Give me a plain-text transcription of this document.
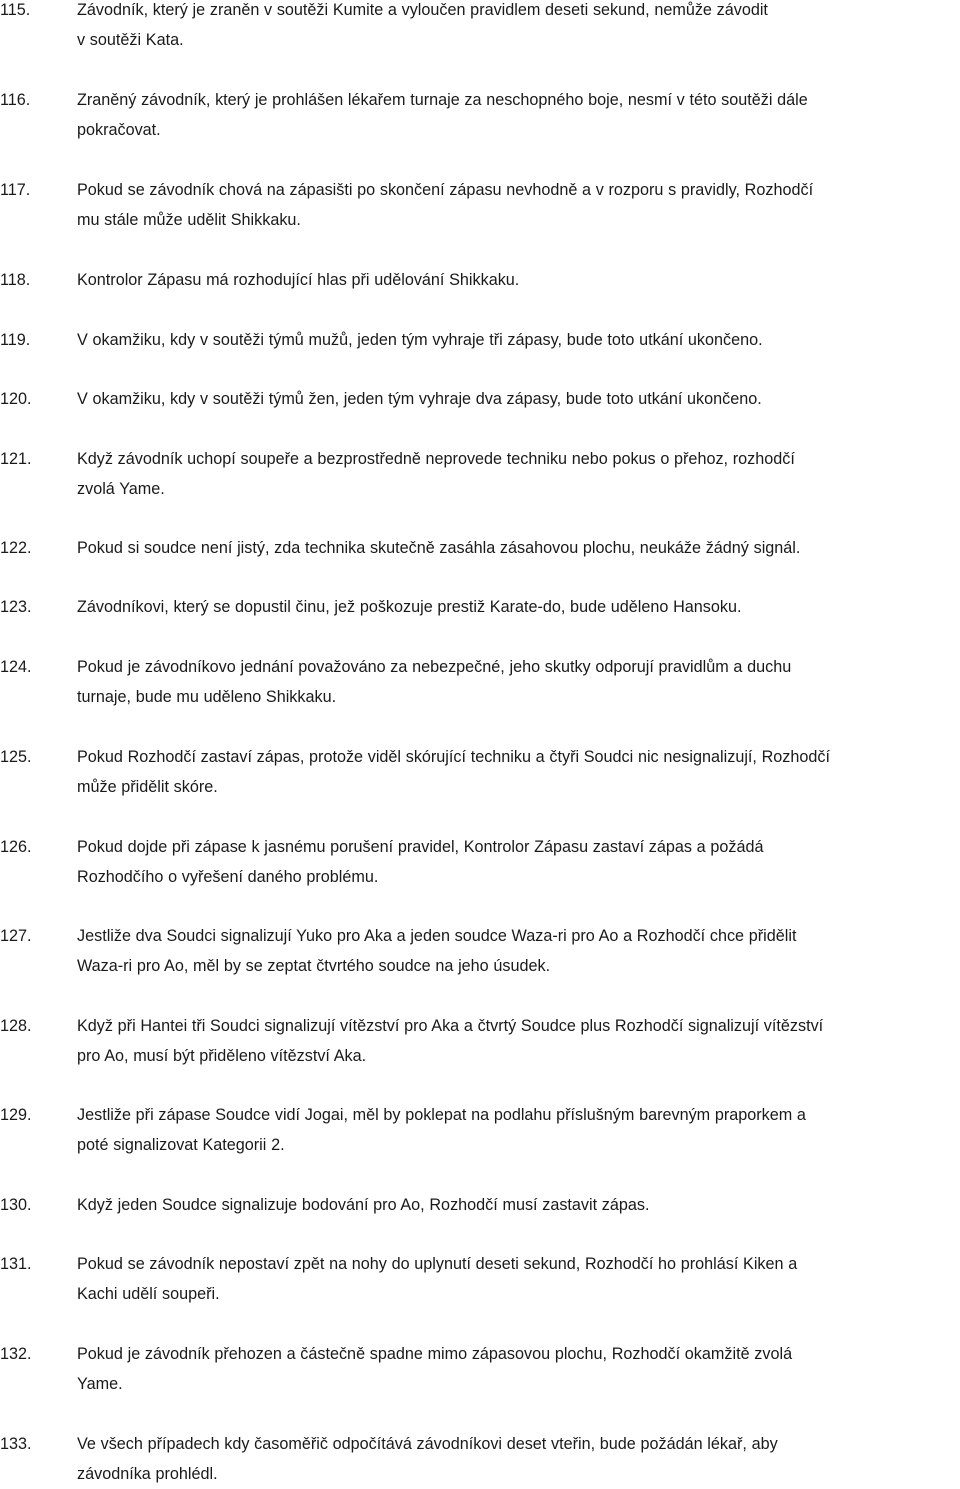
115.	Závodník, který je zraněn v soutěži Kumite a vyloučen pravidlem deseti sekund, nemůže závodit
v soutěži Kata.
116.	Zraněný závodník, který je prohlášen lékařem turnaje za neschopného boje, nesmí v této soutěži dále
pokračovat.
117.	Pokud se závodník chová na zápasišti po skončení zápasu nevhodně a v rozporu s pravidly, Rozhodčí
mu stále může udělit Shikkaku.
118.	Kontrolor Zápasu má rozhodující hlas při udělování Shikkaku.
119.	V okamžiku, kdy v soutěži týmů mužů, jeden tým vyhraje tři zápasy, bude toto utkání ukončeno.
120.	V okamžiku, kdy v soutěži týmů žen, jeden tým vyhraje dva zápasy, bude toto utkání ukončeno.
121.	Když závodník uchopí soupeře a bezprostředně neprovede techniku nebo pokus o přehoz, rozhodčí
zvolá Yame.
122.	Pokud si soudce není jistý, zda technika skutečně zasáhla zásahovou plochu, neukáže žádný signál.
123.	Závodníkovi, který se dopustil činu, jež poškozuje prestiž Karate-do, bude uděleno Hansoku.
124.	Pokud je závodníkovo jednání považováno za nebezpečné, jeho skutky odporují pravidlům a duchu
turnaje, bude mu uděleno Shikkaku.
125.	Pokud Rozhodčí zastaví zápas, protože viděl skórující techniku a čtyři Soudci nic nesignalizují, Rozhodčí
může přidělit skóre.
126.	Pokud dojde při zápase k jasnému porušení pravidel, Kontrolor Zápasu zastaví zápas a požádá
Rozhodčího o vyřešení daného problému.
127.	Jestliže dva Soudci signalizují Yuko pro Aka a jeden soudce Waza-ri pro Ao a Rozhodčí chce přidělit
Waza-ri pro Ao, měl by se zeptat čtvrtého soudce na jeho úsudek.
128.	Když při Hantei tři Soudci signalizují vítězství pro Aka a čtvrtý Soudce plus Rozhodčí signalizují vítězství
pro Ao, musí být přiděleno vítězství Aka.
129.	Jestliže při zápase Soudce vidí Jogai, měl by poklepat na podlahu příslušným barevným praporkem a
poté signalizovat Kategorii 2.
130.	Když jeden Soudce signalizuje bodování pro Ao, Rozhodčí musí zastavit zápas.
131.	Pokud se závodník nepostaví zpět na nohy do uplynutí deseti sekund, Rozhodčí ho prohlásí Kiken a
Kachi udělí soupeři.
132.	Pokud je závodník přehozen a částečně spadne mimo zápasovou plochu, Rozhodčí okamžitě zvolá
Yame.
133.	Ve všech případech kdy časoměřič odpočítává závodníkovi deset vteřin, bude požádán lékař, aby
závodníka prohlédl.
